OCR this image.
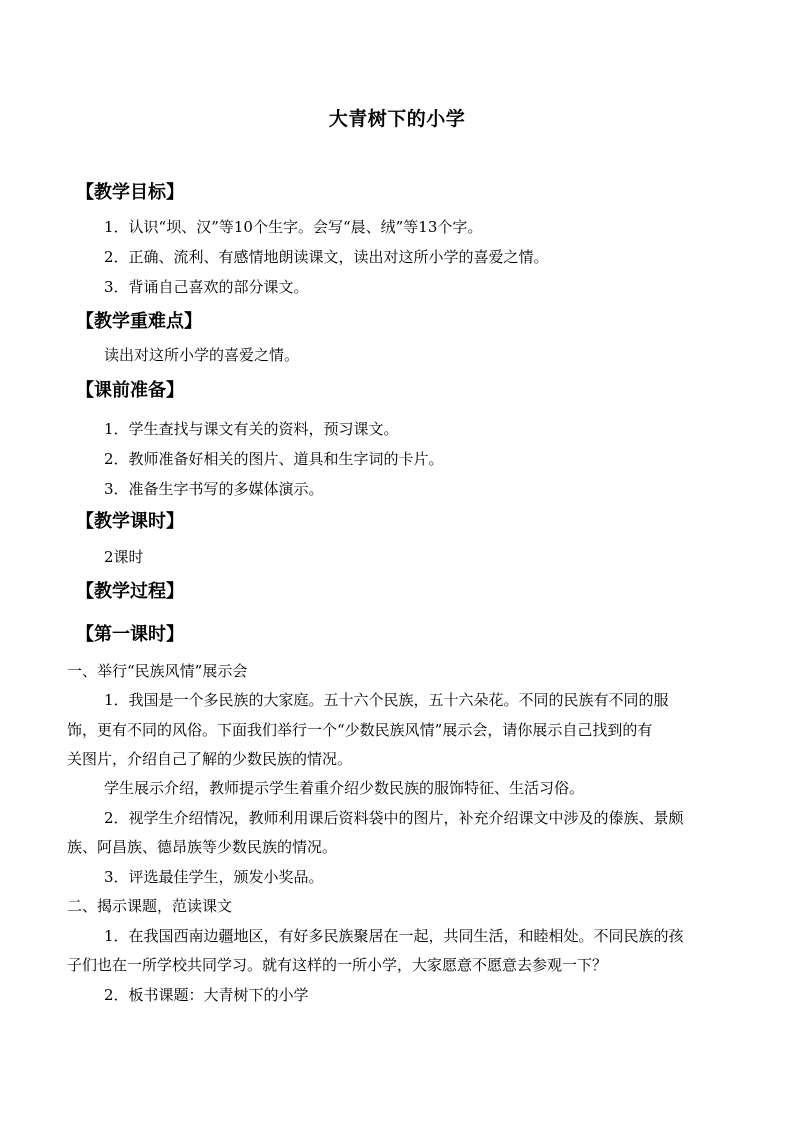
大青树下的小学
【教学目标】
1．认识“坝、汉”等10个生字。会写“晨、绒”等13个字。
2．正确、流利、有感情地朗读课文，读出对这所小学的喜爱之情。
3．背诵自己喜欢的部分课文。
【教学重难点】
读出对这所小学的喜爱之情。
【课前准备】
1．学生查找与课文有关的资料，预习课文。
2．教师准备好相关的图片、道具和生字词的卡片。
3．准备生字书写的多媒体演示。
【教学课时】
2课时
【教学过程】
【第一课时】
一、举行“民族风情”展示会
1．我国是一个多民族的大家庭。五十六个民族，五十六朵花。不同的民族有不同的服
饰，更有不同的风俗。下面我们举行一个“少数民族风情”展示会，请你展示自己找到的有
关图片，介绍自己了解的少数民族的情况。
学生展示介绍，教师提示学生着重介绍少数民族的服饰特征、生活习俗。
2．视学生介绍情况，教师利用课后资料袋中的图片，补充介绍课文中涉及的傣族、景颇
族、阿昌族、德昂族等少数民族的情况。
3．评选最佳学生，颁发小奖品。
二、揭示课题，范读课文
1．在我国西南边疆地区，有好多民族聚居在一起，共同生活，和睦相处。不同民族的孩
子们也在一所学校共同学习。就有这样的一所小学，大家愿意不愿意去参观一下？
2．板书课题：大青树下的小学
